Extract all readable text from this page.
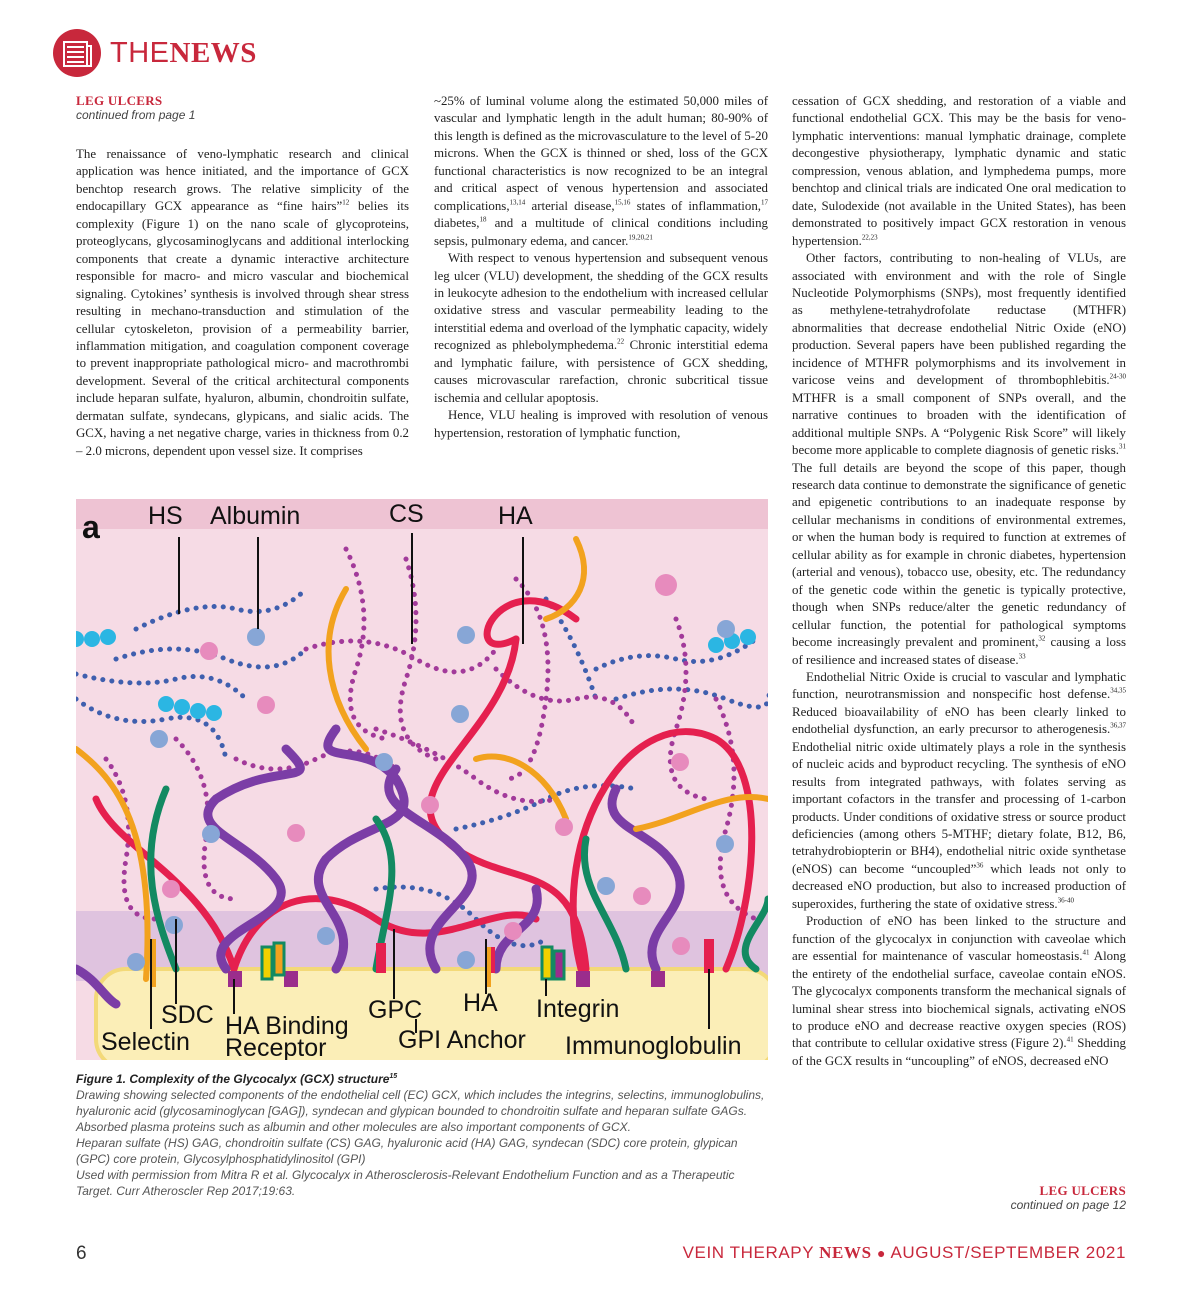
THENEWS
LEG ULCERS
continued from page 1

The renaissance of veno-lymphatic research and clinical application was hence initiated, and the importance of GCX benchtop research grows. The relative simplicity of the endocapillary GCX appearance as “fine hairs”$^{12}$ belies its complexity (Figure 1) on the nano scale of glycoproteins, proteoglycans, glycosaminoglycans and additional interlocking components that create a dynamic interactive architecture responsible for macro- and micro vascular and biochemical signaling. Cytokines’ synthesis is involved through shear stress resulting in mechano-transduction and stimulation of the cellular cytoskeleton, provision of a permeability barrier, inflammation mitigation, and coagulation component coverage to prevent inappropriate pathological micro- and macrothrombi development. Several of the critical architectural components include heparan sulfate, hyaluron, albumin, chondroitin sulfate, dermatan sulfate, syndecans, glypicans, and sialic acids. The GCX, having a net negative charge, varies in thickness from 0.2 – 2.0 microns, dependent upon vessel size. It comprises

~25% of luminal volume along the estimated 50,000 miles of vascular and lymphatic length in the adult human; 80-90% of this length is defined as the microvasculature to the level of 5-20 microns. When the GCX is thinned or shed, loss of the GCX functional characteristics is now recognized to be an integral and critical aspect of venous hypertension and associated complications,$^{13,14}$ arterial disease,$^{15,16}$ states of inflammation,$^{17}$ diabetes,$^{18}$ and a multitude of clinical conditions including sepsis, pulmonary edema, and cancer.$^{19,20,21}$

With respect to venous hypertension and subsequent venous leg ulcer (VLU) development, the shedding of the GCX results in leukocyte adhesion to the endothelium with increased cellular oxidative stress and vascular permeability leading to the interstitial edema and overload of the lymphatic capacity, widely recognized as phlebolymphedema.$^{22}$ Chronic interstitial edema and lymphatic failure, with persistence of GCX shedding, causes microvascular rarefaction, chronic subcritical tissue ischemia and cellular apoptosis.

Hence, VLU healing is improved with resolution of venous hypertension, restoration of lymphatic function,

cessation of GCX shedding, and restoration of a viable and functional endothelial GCX. This may be the basis for veno-lymphatic interventions: manual lymphatic drainage, complete decongestive physiotherapy, lymphatic dynamic and static compression, venous ablation, and lymphedema pumps, more benchtop and clinical trials are indicated One oral medication to date, Sulodexide (not available in the United States), has been demonstrated to positively impact GCX restoration in venous hypertension.$^{22,23}$

Other factors, contributing to non-healing of VLUs, are associated with environment and with the role of Single Nucleotide Polymorphisms (SNPs), most frequently identified as methylene-tetrahydrofolate reductase (MTHFR) abnormalities that decrease endothelial Nitric Oxide (eNO) production. Several papers have been published regarding the incidence of MTHFR polymorphisms and its involvement in varicose veins and development of thrombophlebitis.$^{24-30}$ MTHFR is a small component of SNPs overall, and the narrative continues to broaden with the identification of additional multiple SNPs. A “Polygenic Risk Score” will likely become more applicable to complete diagnosis of genetic risks.$^{31}$ The full details are beyond the scope of this paper, though research data continue to demonstrate the significance of genetic and epigenetic contributions to an inadequate response by cellular mechanisms in conditions of environmental extremes, or when the human body is required to function at extremes of cellular ability as for example in chronic diabetes, hypertension (arterial and venous), tobacco use, obesity, etc. The redundancy of the genetic code within the genetic is typically protective, though when SNPs reduce/alter the genetic redundancy of cellular function, the potential for pathological symptoms become increasingly prevalent and prominent,$^{32}$ causing a loss of resilience and increased states of disease.$^{33}$

Endothelial Nitric Oxide is crucial to vascular and lymphatic function, neurotransmission and nonspecific host defense.$^{34,35}$ Reduced bioavailability of eNO has been clearly linked to endothelial dysfunction, an early precursor to atherogenesis.$^{36,37}$ Endothelial nitric oxide ultimately plays a role in the synthesis of nucleic acids and byproduct recycling. The synthesis of eNO results from integrated pathways, with folates serving as important cofactors in the transfer and processing of 1-carbon products. Under conditions of oxidative stress or source product deficiencies (among others 5-MTHF; dietary folate, B12, B6, tetrahydrobiopterin or BH4), endothelial nitric oxide synthetase (eNOS) can become “uncoupled”$^{36}$ which leads not only to decreased eNO production, but also to increased production of superoxides, furthering the state of oxidative stress.$^{36-40}$

Production of eNO has been linked to the structure and function of the glycocalyx in conjunction with caveolae which are essential for maintenance of vascular homeostasis.$^{41}$ Along the entirety of the endothelial surface, caveolae contain eNOS. The glycocalyx components transform the mechanical signals of luminal shear stress into biochemical signals, activating eNOS to produce eNO and decrease reactive oxygen species (ROS) that contribute to cellular oxidative stress (Figure 2).$^{41}$ Shedding of the GCX results in “uncoupling” of eNOS, decreased eNO

LEG ULCERS
continued on page 12
a HS Albumin	CS	HA
SDC
Selectin
HA Binding
Receptor
GPC HA
GPI Anchor
Integrin
Immunoglobulin

Figure 1. Complexity of the Glycocalyx (GCX) structure$^{15}$

Drawing showing selected components of the endothelial cell (EC) GCX, which includes the integrins, selectins, immunoglobulins, hyaluronic acid (glycosaminoglycan [GAG]), syndecan and glypican bounded to chondroitin sulfate and heparan sulfate GAGs. Absorbed plasma proteins such as albumin and other molecules are also important components of GCX.

Heparan sulfate (HS) GAG, chondroitin sulfate (CS) GAG, hyaluronic acid (HA) GAG, syndecan (SDC) core protein, glypican (GPC) core protein, Glycosylphosphatidylinositol (GPI)

Used with permission from Mitra R et al. Glycocalyx in Atherosclerosis-Relevant Endothelium Function and as a Therapeutic Target. Curr Atheroscler Rep 2017;19:63.

6	VEIN THERAPY NEWS ● AUGUST/SEPTEMBER 2021
